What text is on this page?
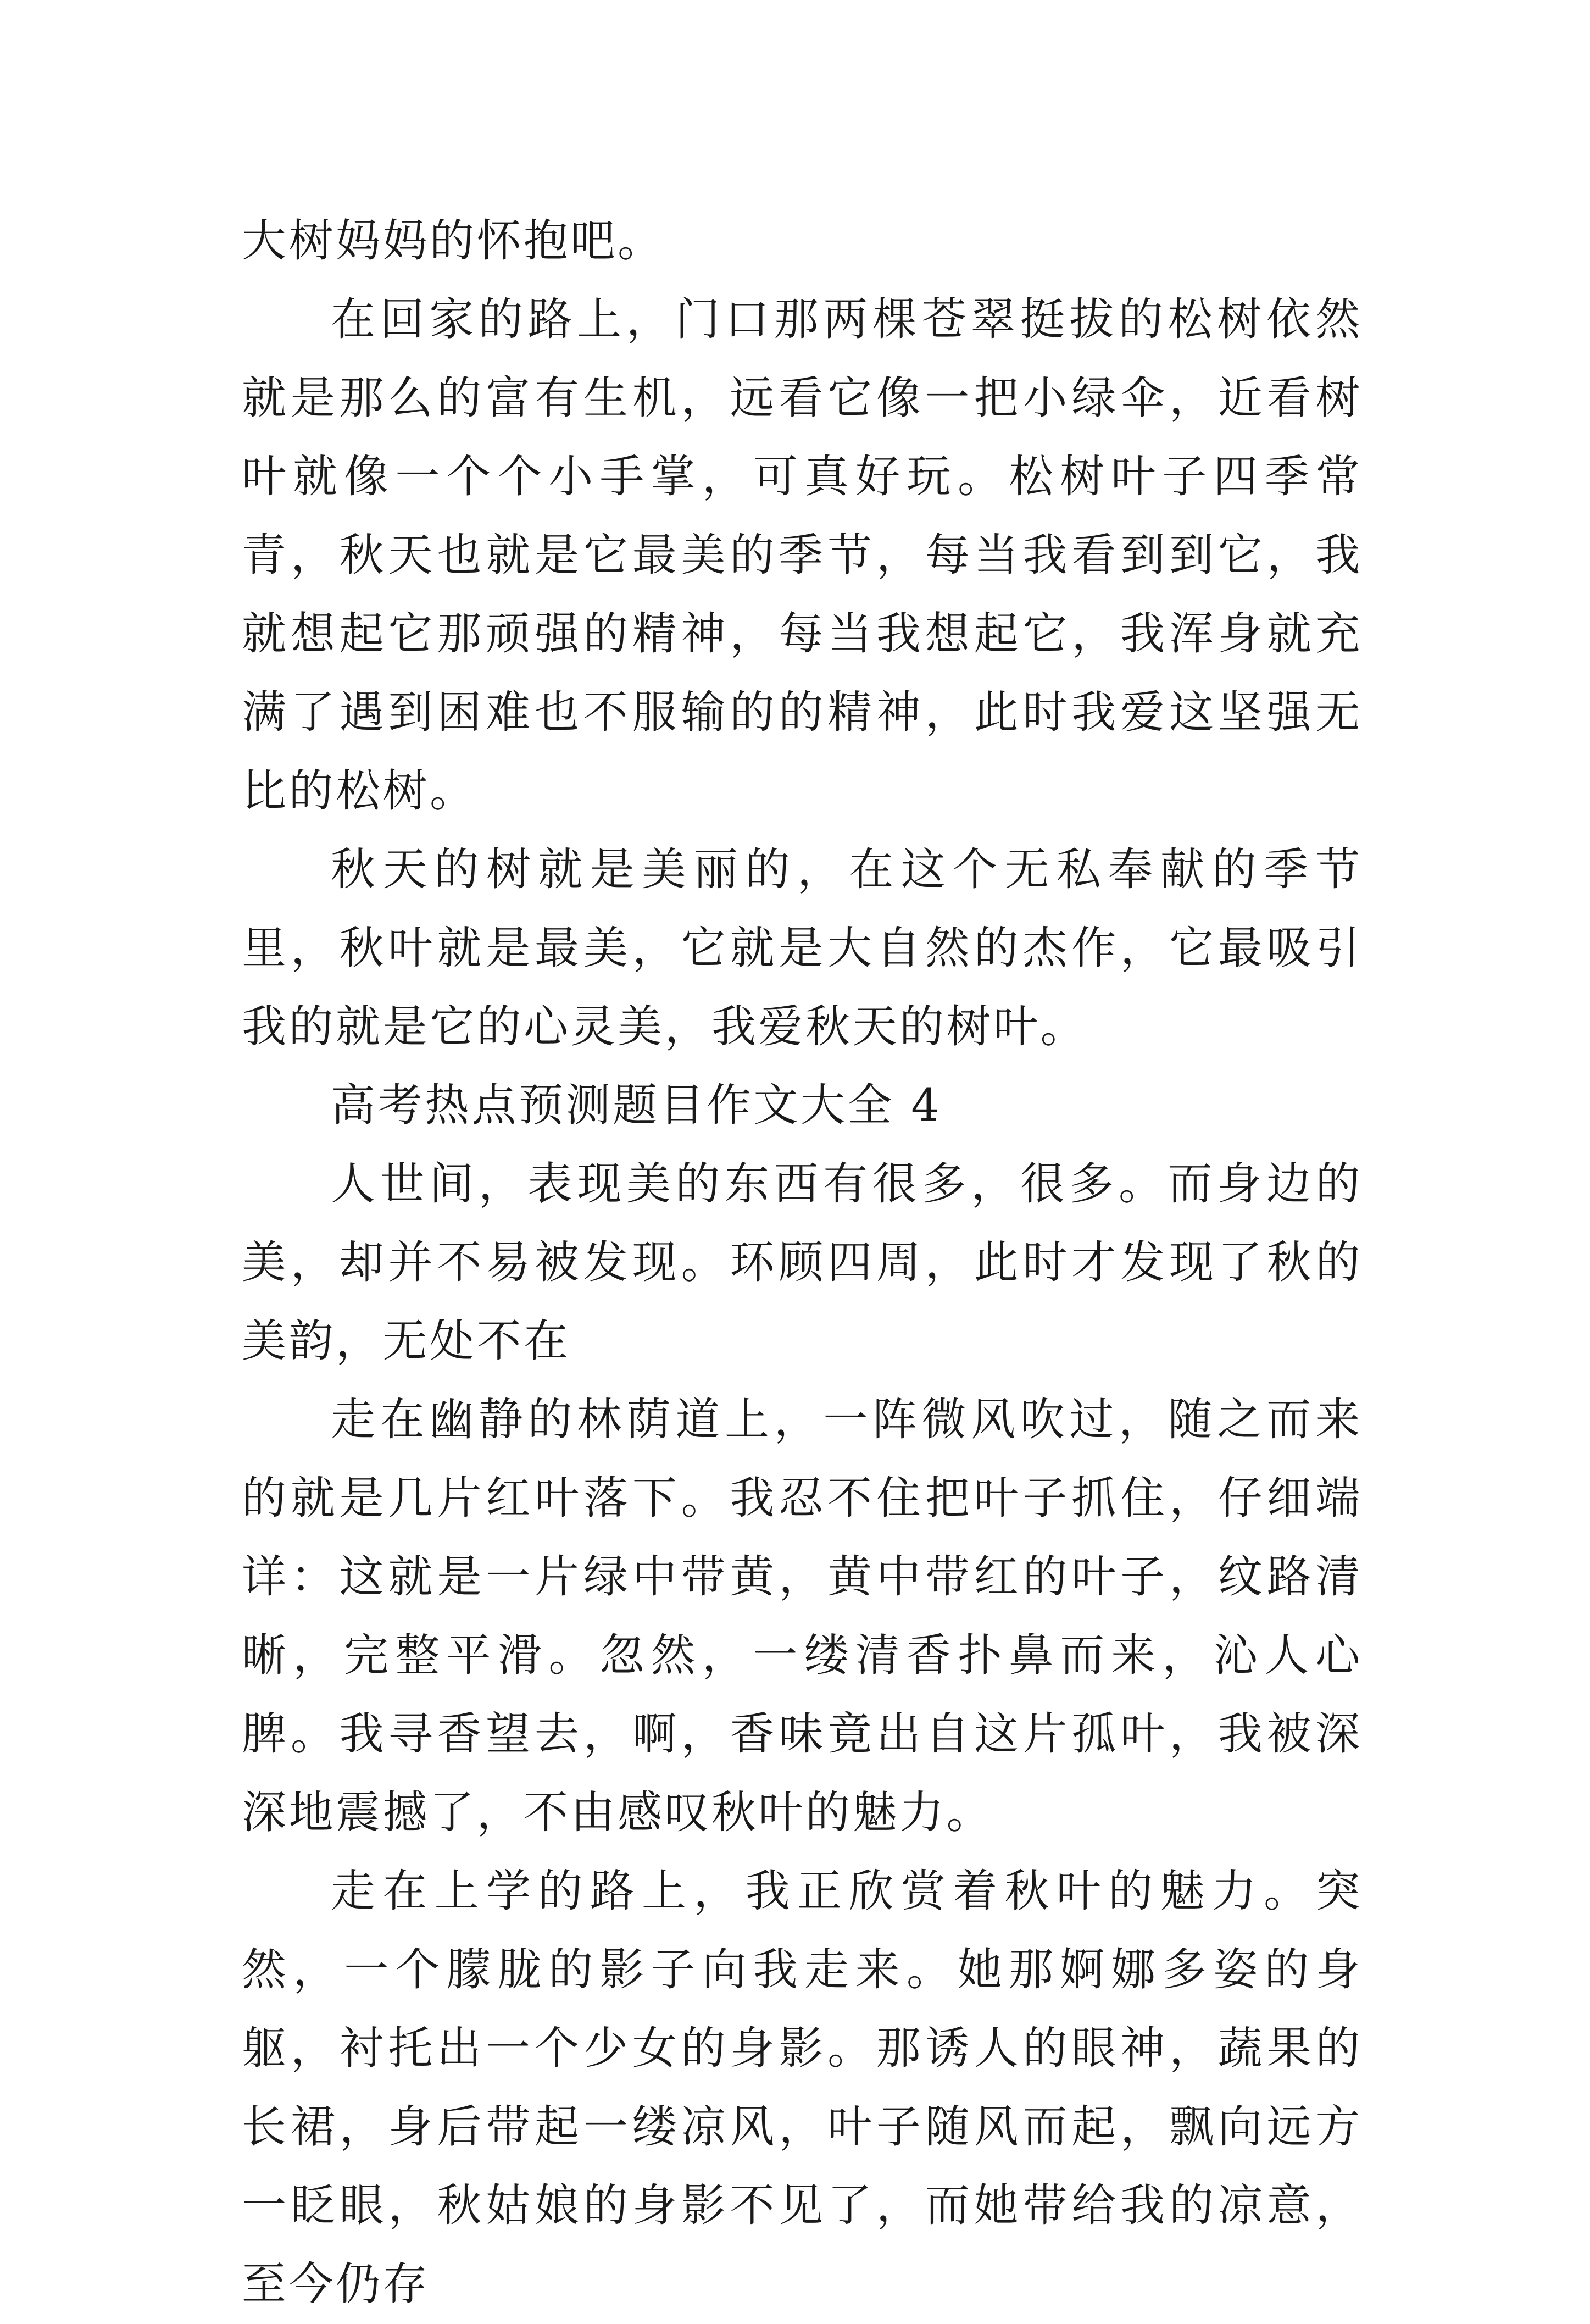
大树妈妈的怀抱吧。

在回家的路上，门口那两棵苍翠挺拔的松树依然就是那么的富有生机，远看它像一把小绿伞，近看树叶就像一个个小手掌，可真好玩。松树叶子四季常青，秋天也就是它最美的季节，每当我看到到它，我就想起它那顽强的精神，每当我想起它，我浑身就充满了遇到困难也不服输的的精神，此时我爱这坚强无比的松树。

秋天的树就是美丽的，在这个无私奉献的季节里，秋叶就是最美，它就是大自然的杰作，它最吸引我的就是它的心灵美，我爱秋天的树叶。

高考热点预测题目作文大全 4

人世间，表现美的东西有很多，很多。而身边的美，却并不易被发现。环顾四周，此时才发现了秋的美韵，无处不在

走在幽静的林荫道上，一阵微风吹过，随之而来的就是几片红叶落下。我忍不住把叶子抓住，仔细端详：这就是一片绿中带黄，黄中带红的叶子，纹路清晰，完整平滑。忽然，一缕清香扑鼻而来，沁人心脾。我寻香望去，啊，香味竟出自这片孤叶，我被深深地震撼了，不由感叹秋叶的魅力。

走在上学的路上，我正欣赏着秋叶的魅力。突然，一个朦胧的影子向我走来。她那婀娜多姿的身躯，衬托出一个少女的身影。那诱人的眼神，蔬果的长裙，身后带起一缕凉风，叶子随风而起，飘向远方一眨眼，秋姑娘的身影不见了，而她带给我的凉意，至今仍存
